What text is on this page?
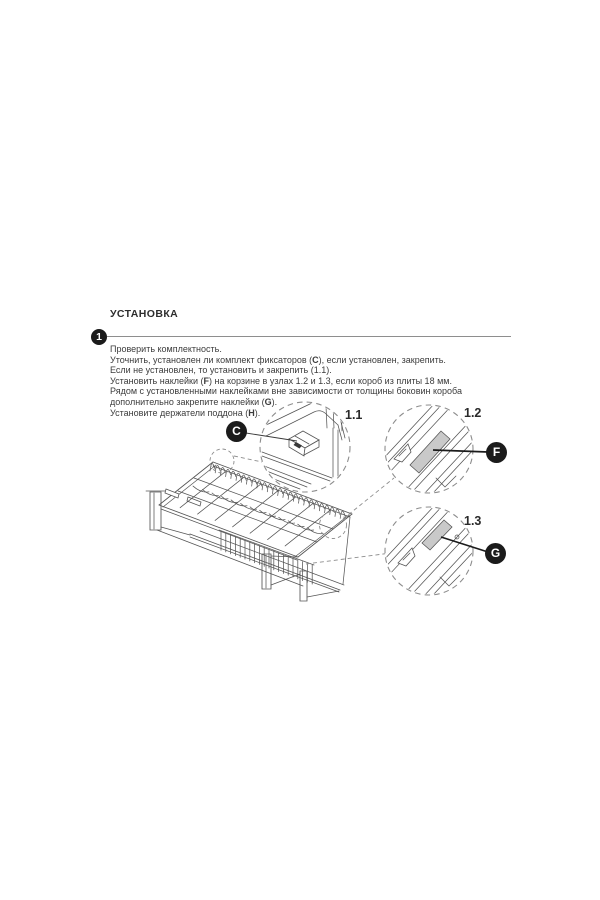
УСТАНОВКА
1
Проверить комплектность.
Уточнить, установлен ли комплект фиксаторов (C), если установлен, закрепить.
Если не установлен, то установить и закрепить (1.1).
Установить наклейки (F) на корзине в узлах 1.2 и 1.3, если короб из плиты 18 мм.
Рядом с установленными наклейками вне зависимости от толщины боковин короба
дополнительно закрепите наклейки (G).
Установите держатели поддона (H).	1.1	1.2
1.3
C
F
G
